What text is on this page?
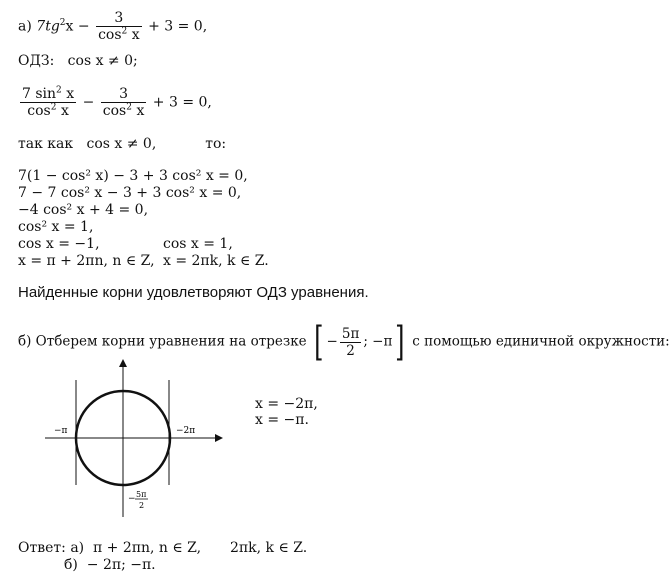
а) $7tg^2x - \frac{3}{\cos^2 x} + 3 = 0$,
ОДЗ: cos x ≠ 0;
$\frac{7 \sin^2 x}{\cos^2 x} - \frac{3}{\cos^2 x} + 3 = 0$,
так как cos x ≠ 0,	то:
7(1 − cos² x) − 3 + 3 cos² x = 0,
7 − 7 cos² x − 3 + 3 cos² x = 0,
−4 cos² x + 4 = 0,
cos² x = 1,
cos x = −1,	cos x = 1,
x = π + 2πn, n ∈ Z, x = 2πk, k ∈ Z.
Найденные корни удовлетворяют ОДЗ уравнения.
б) Отберем корни уравнения на отрезке [ − $\frac{5\pi}{2}$ ; −π] с помощью единичной окружности:
−π	−2π
− 5π
2
x = −2π,
x = −π.
Ответ: а) π + 2πn, n ∈ Z, 2πk, k ∈ Z.
б) − 2π; −π.
